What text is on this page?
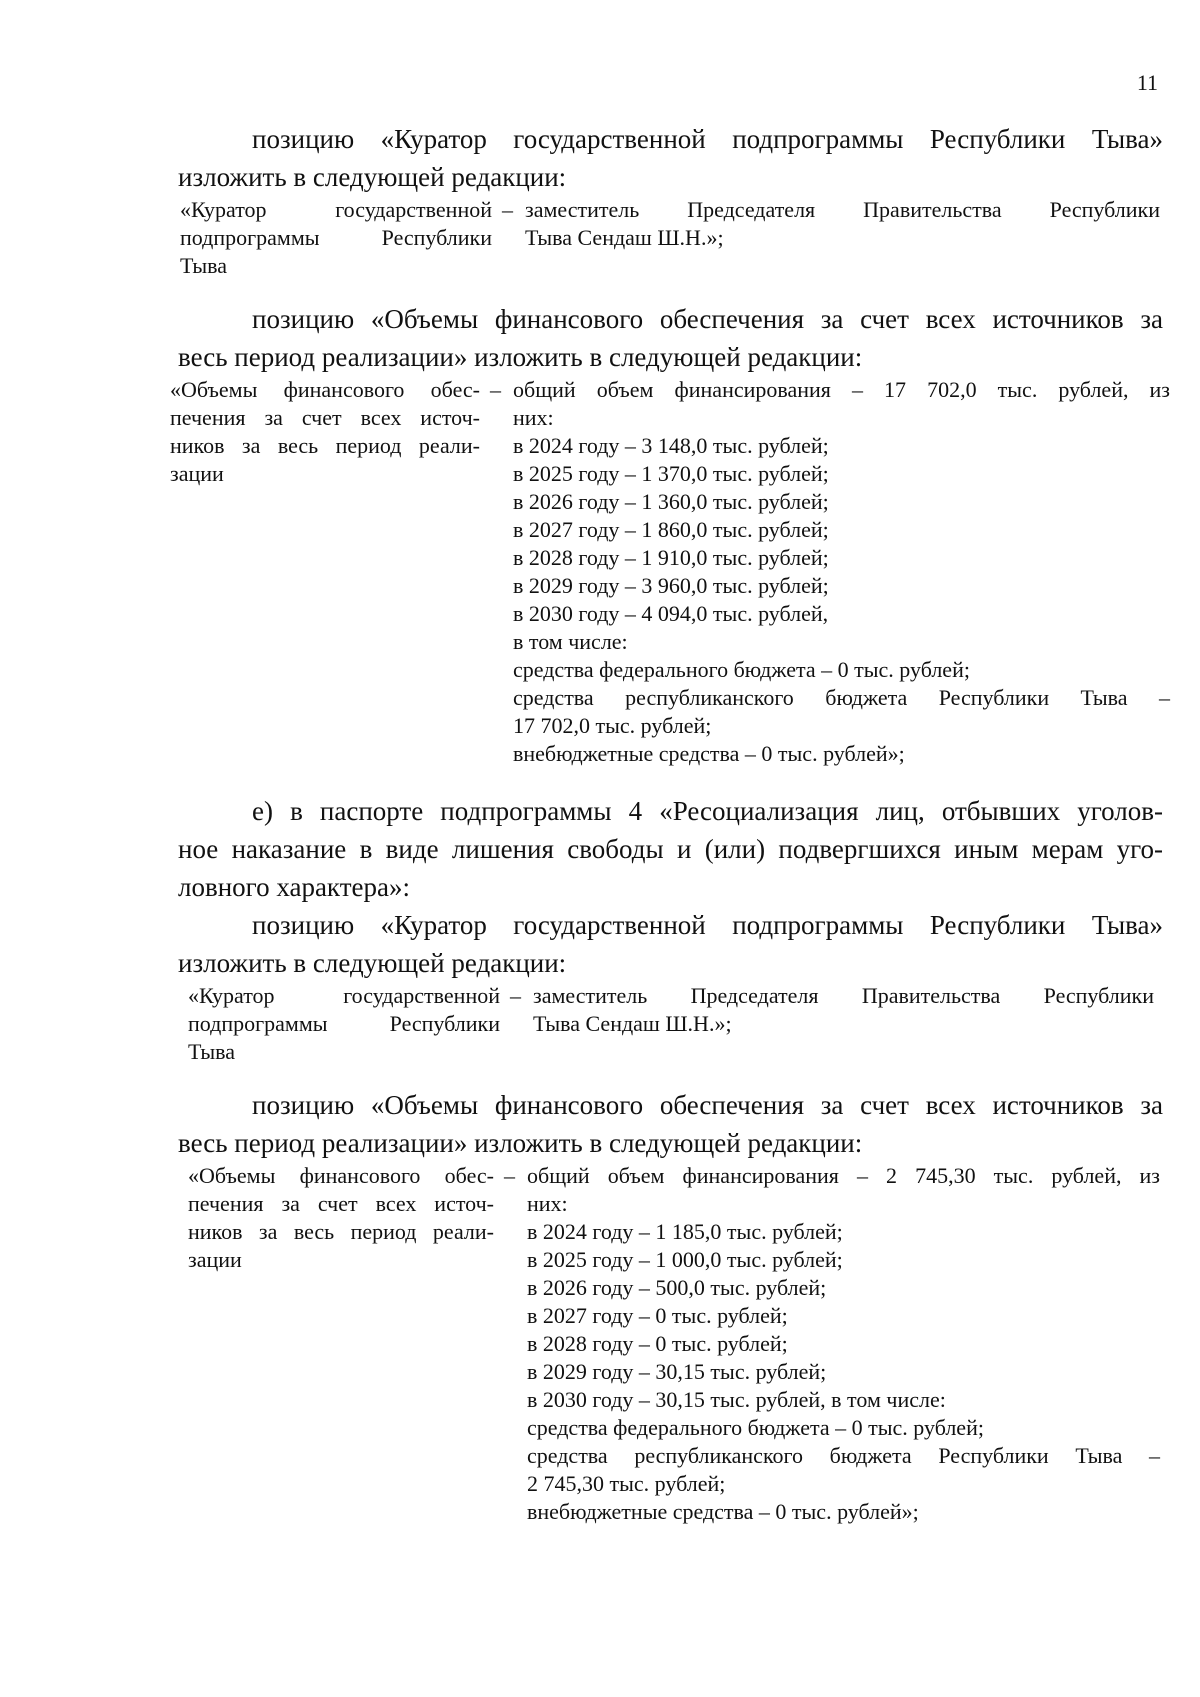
11
позицию «Куратор государственной подпрограммы Республики Тыва»
изложить в следующей редакции:
«Куратор государственной
подпрограммы Республики
Тыва
– заместитель Председателя Правительства Республики
Тыва Сендаш Ш.Н.»;
позицию «Объемы финансового обеспечения за счет всех источников за
весь период реализации» изложить в следующей редакции:
«Объемы финансового обес-
печения за счет всех источ-
ников за весь период реали-
зации
– общий объем финансирования – 17 702,0 тыс. рублей, из
них:
в 2024 году – 3 148,0 тыс. рублей;
в 2025 году – 1 370,0 тыс. рублей;
в 2026 году – 1 360,0 тыс. рублей;
в 2027 году – 1 860,0 тыс. рублей;
в 2028 году – 1 910,0 тыс. рублей;
в 2029 году – 3 960,0 тыс. рублей;
в 2030 году – 4 094,0 тыс. рублей,
в том числе:
средства федерального бюджета – 0 тыс. рублей;
средства республиканского бюджета Республики Тыва –
17 702,0 тыс. рублей;
внебюджетные средства – 0 тыс. рублей»;
е) в паспорте подпрограммы 4 «Ресоциализация лиц, отбывших уголов-
ное наказание в виде лишения свободы и (или) подвергшихся иным мерам уго-
ловного характера»:
позицию «Куратор государственной подпрограммы Республики Тыва»
изложить в следующей редакции:
«Куратор государственной
подпрограммы Республики
Тыва
– заместитель Председателя Правительства Республики
Тыва Сендаш Ш.Н.»;
позицию «Объемы финансового обеспечения за счет всех источников за
весь период реализации» изложить в следующей редакции:
«Объемы финансового обес-
печения за счет всех источ-
ников за весь период реали-
зации
– общий объем финансирования – 2 745,30 тыс. рублей, из
них:
в 2024 году – 1 185,0 тыс. рублей;
в 2025 году – 1 000,0 тыс. рублей;
в 2026 году – 500,0 тыс. рублей;
в 2027 году – 0 тыс. рублей;
в 2028 году – 0 тыс. рублей;
в 2029 году – 30,15 тыс. рублей;
в 2030 году – 30,15 тыс. рублей, в том числе:
средства федерального бюджета – 0 тыс. рублей;
средства республиканского бюджета Республики Тыва –
2 745,30 тыс. рублей;
внебюджетные средства – 0 тыс. рублей»;
